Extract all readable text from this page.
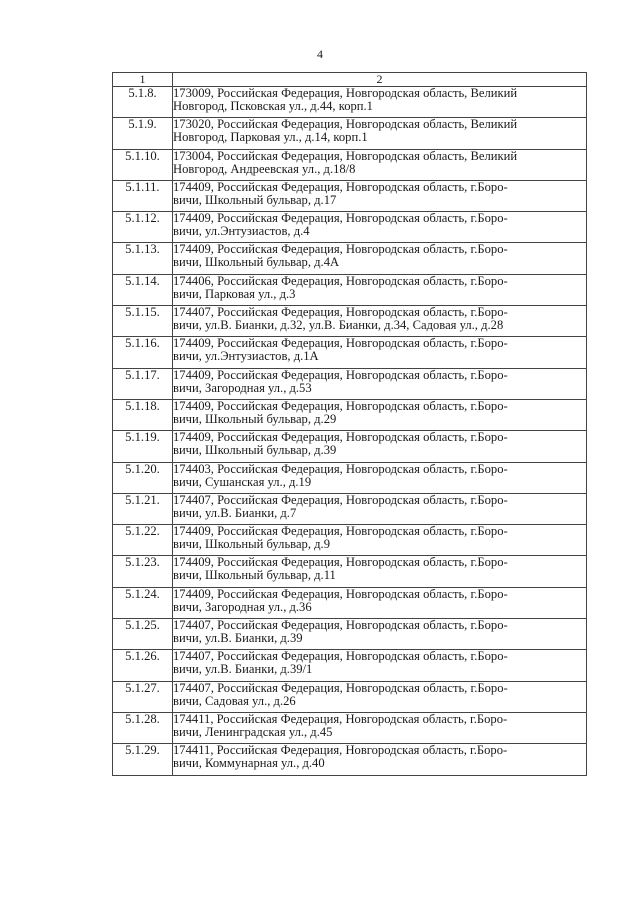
4
1	2
5.1.8.	173009, Российская Федерация, Новгородская область, Великий
Новгород, Псковская ул., д.44, корп.1

5.1.9.	173020, Российская Федерация, Новгородская область, Великий
Новгород, Парковая ул., д.14, корп.1

5.1.10.	173004, Российская Федерация, Новгородская область, Великий
Новгород, Андреевская ул., д.18/8

5.1.11.	174409, Российская Федерация, Новгородская область, г.Боро-
вичи, Школьный бульвар, д.17

5.1.12.	174409, Российская Федерация, Новгородская область, г.Боро-
вичи, ул.Энтузиастов, д.4

5.1.13.	174409, Российская Федерация, Новгородская область, г.Боро-
вичи, Школьный бульвар, д.4А

5.1.14.	174406, Российская Федерация, Новгородская область, г.Боро-
вичи, Парковая ул., д.3

5.1.15.	174407, Российская Федерация, Новгородская область, г.Боро-
вичи, ул.В. Бианки, д.32, ул.В. Бианки, д.34, Садовая ул., д.28

5.1.16.	174409, Российская Федерация, Новгородская область, г.Боро-
вичи, ул.Энтузиастов, д.1А

5.1.17.	174409, Российская Федерация, Новгородская область, г.Боро-
вичи, Загородная ул., д.53

5.1.18.	174409, Российская Федерация, Новгородская область, г.Боро-
вичи, Школьный бульвар, д.29

5.1.19.	174409, Российская Федерация, Новгородская область, г.Боро-
вичи, Школьный бульвар, д.39

5.1.20.	174403, Российская Федерация, Новгородская область, г.Боро-
вичи, Сушанская ул., д.19

5.1.21.	174407, Российская Федерация, Новгородская область, г.Боро-
вичи, ул.В. Бианки, д.7

5.1.22.	174409, Российская Федерация, Новгородская область, г.Боро-
вичи, Школьный бульвар, д.9

5.1.23.	174409, Российская Федерация, Новгородская область, г.Боро-
вичи, Школьный бульвар, д.11

5.1.24.	174409, Российская Федерация, Новгородская область, г.Боро-
вичи, Загородная ул., д.36

5.1.25.	174407, Российская Федерация, Новгородская область, г.Боро-
вичи, ул.В. Бианки, д.39

5.1.26.	174407, Российская Федерация, Новгородская область, г.Боро-
вичи, ул.В. Бианки, д.39/1

5.1.27.	174407, Российская Федерация, Новгородская область, г.Боро-
вичи, Садовая ул., д.26

5.1.28.	174411, Российская Федерация, Новгородская область, г.Боро-
вичи, Ленинградская ул., д.45

5.1.29.	174411, Российская Федерация, Новгородская область, г.Боро-
вичи, Коммунарная ул., д.40
